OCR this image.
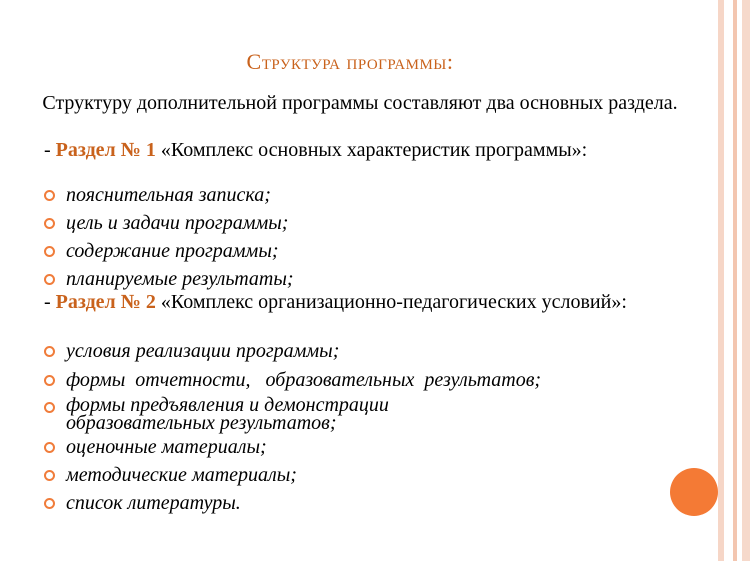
Структура программы:
Структуру дополнительной программы составляют два основных раздела.
- Раздел № 1 «Комплекс основных характеристик программы»:
пояснительная записка;
цель и задачи программы;
содержание программы;
планируемые результаты;
- Раздел № 2 «Комплекс организационно-педагогических условий»:
условия реализации программы;
формы  отчетности,   образовательных  результатов;
формы предъявления и демонстрации образовательных результатов;
оценочные материалы;
методические материалы;
список литературы.
